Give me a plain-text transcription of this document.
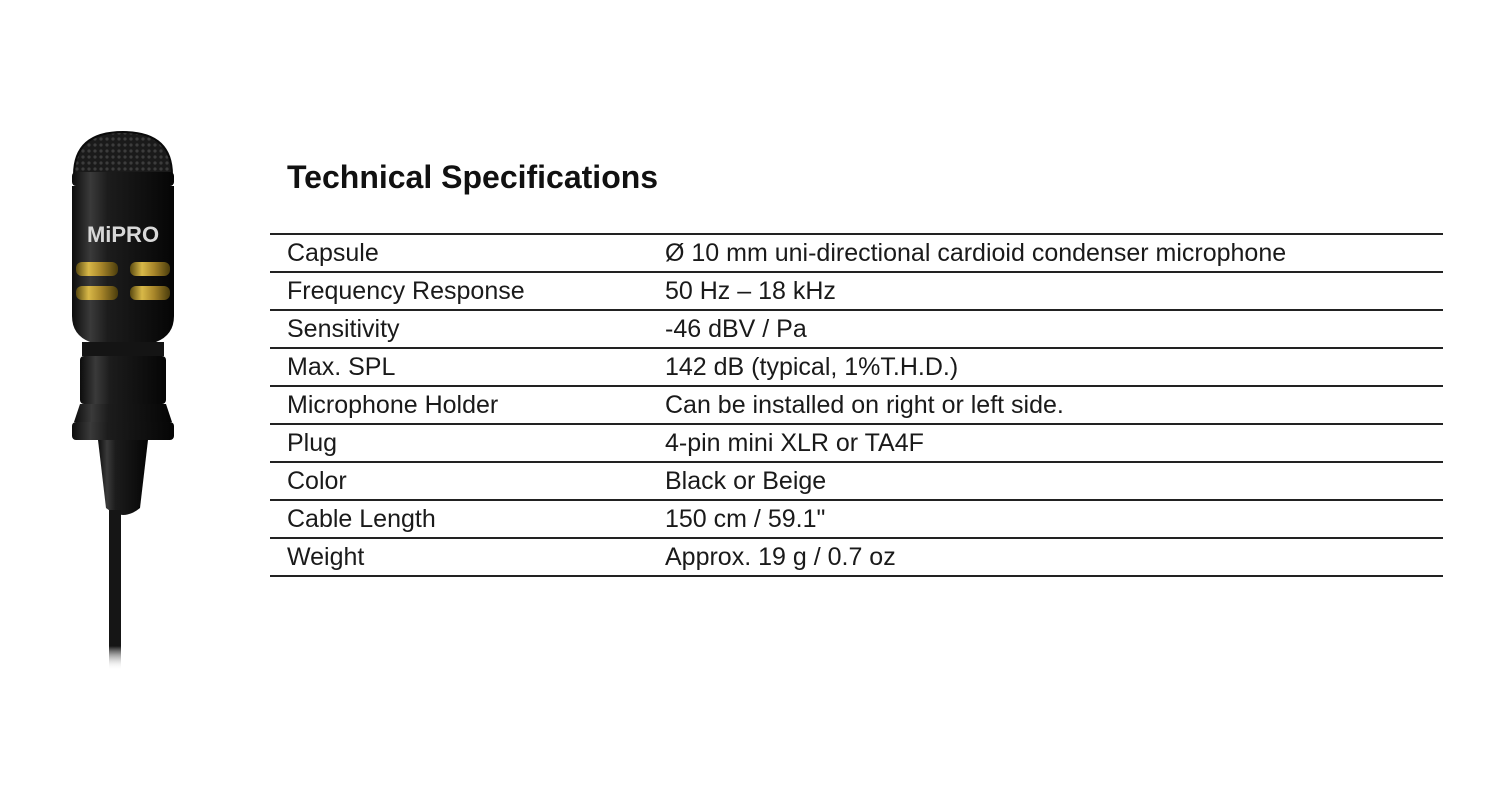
MiPRO
Technical Specifications
Capsule	Ø 10 mm uni-directional cardioid condenser microphone
Frequency Response	50 Hz – 18 kHz
Sensitivity	-46 dBV / Pa
Max. SPL	142 dB (typical, 1%T.H.D.)
Microphone Holder	Can be installed on right or left side.
Plug	4-pin mini XLR or TA4F
Color	Black or Beige
Cable Length	150 cm / 59.1"
Weight	Approx. 19 g / 0.7 oz
